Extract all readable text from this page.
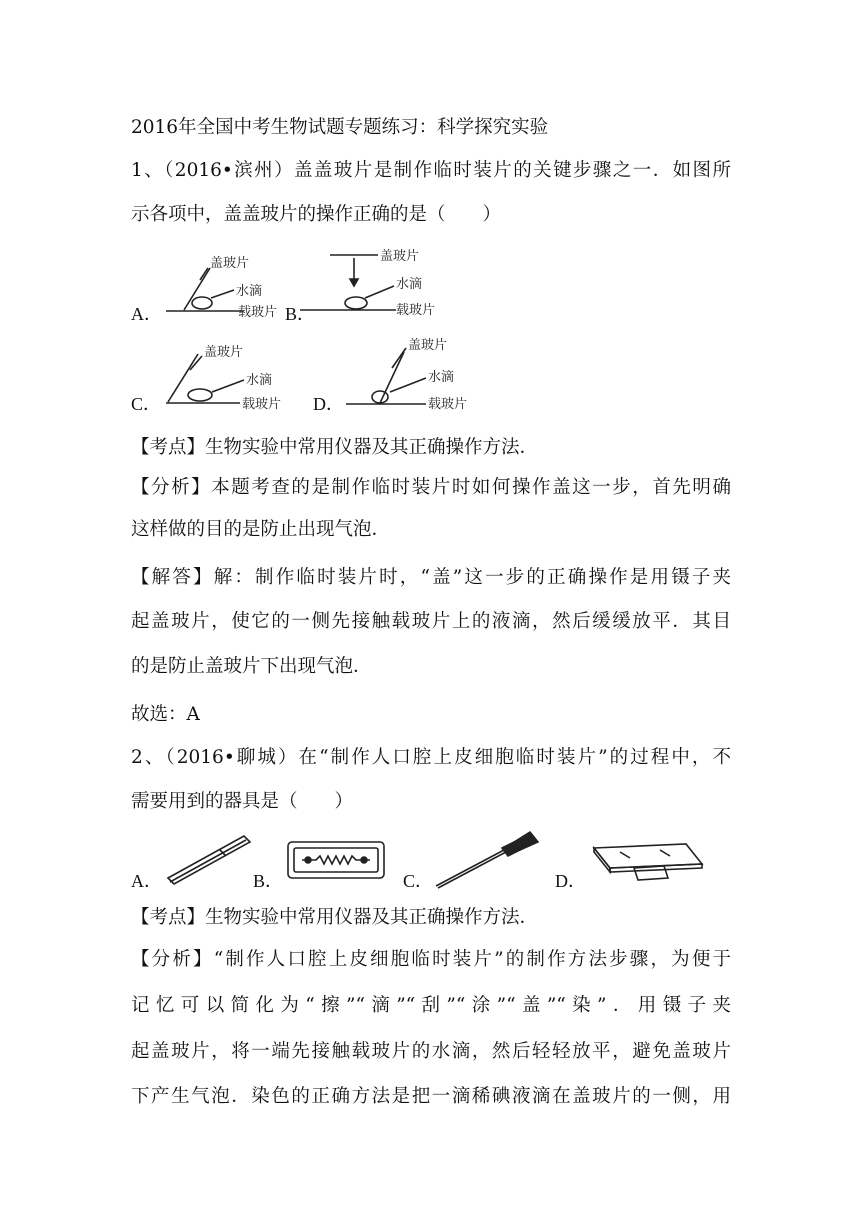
2016年全国中考生物试题专题练习：科学探究实验
1、（2016•滨州）盖盖玻片是制作临时装片的关键步骤之一．如图所
示各项中，盖盖玻片的操作正确的是（　　）
A．
盖玻片
水滴
载玻片 B．
盖玻片
水滴
载玻片
C．
盖玻片
水滴
载玻片 D．
盖玻片
水滴
载玻片
【考点】生物实验中常用仪器及其正确操作方法．
【分析】本题考查的是制作临时装片时如何操作盖这一步，首先明确
这样做的目的是防止出现气泡．
【解答】解：制作临时装片时，“盖”这一步的正确操作是用镊子夹
起盖玻片，使它的一侧先接触载玻片上的液滴，然后缓缓放平．其目
的是防止盖玻片下出现气泡．
故选：A
2、（2016•聊城）在“制作人口腔上皮细胞临时装片”的过程中，不
需要用到的器具是（　　）
A．	B．	C．	D．
【考点】生物实验中常用仪器及其正确操作方法．
【分析】“制作人口腔上皮细胞临时装片”的制作方法步骤，为便于
记忆可以简化为“擦”“滴”“刮”“涂”“盖”“染”．用镊子夹
起盖玻片，将一端先接触载玻片的水滴，然后轻轻放平，避免盖玻片
下产生气泡．染色的正确方法是把一滴稀碘液滴在盖玻片的一侧，用
